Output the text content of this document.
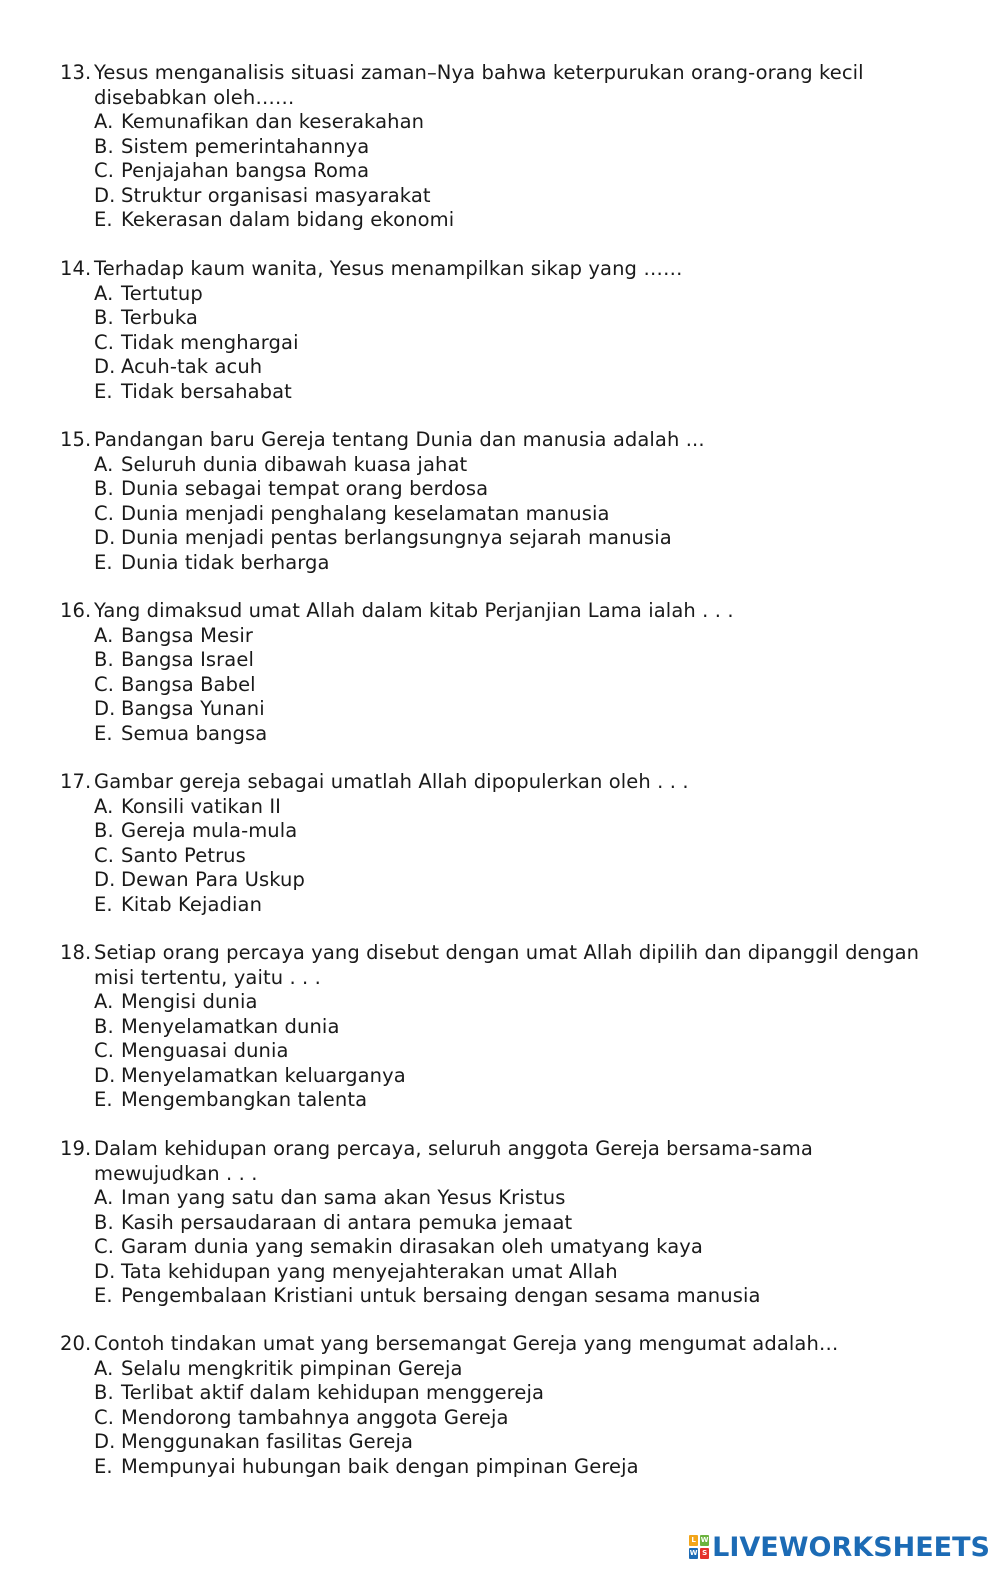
13. Yesus menganalisis situasi zaman–Nya bahwa keterpurukan orang-orang kecil disebabkan oleh……
A. Kemunafikan dan keserakahan
B. Sistem pemerintahannya
C. Penjajahan bangsa Roma
D. Struktur organisasi masyarakat
E. Kekerasan dalam bidang ekonomi
14. Terhadap kaum wanita, Yesus menampilkan sikap yang ……
A. Tertutup
B. Terbuka
C. Tidak menghargai
D. Acuh-tak acuh
E. Tidak bersahabat
15. Pandangan baru Gereja tentang Dunia dan manusia adalah ...
A. Seluruh dunia dibawah kuasa jahat
B. Dunia sebagai tempat orang berdosa
C. Dunia menjadi penghalang keselamatan manusia
D. Dunia menjadi pentas berlangsungnya sejarah manusia
E. Dunia tidak berharga
16. Yang dimaksud umat Allah dalam kitab Perjanjian Lama ialah . . .
A. Bangsa Mesir
B. Bangsa Israel
C. Bangsa Babel
D. Bangsa Yunani
E. Semua bangsa
17. Gambar gereja sebagai umatlah Allah dipopulerkan oleh . . .
A. Konsili vatikan II
B. Gereja mula-mula
C. Santo Petrus
D. Dewan Para Uskup
E. Kitab Kejadian
18. Setiap orang percaya yang disebut dengan umat Allah dipilih dan dipanggil dengan misi tertentu, yaitu . . .
A. Mengisi dunia
B. Menyelamatkan dunia
C. Menguasai dunia
D. Menyelamatkan keluarganya
E. Mengembangkan talenta
19. Dalam kehidupan orang percaya, seluruh anggota Gereja bersama-sama mewujudkan . . .
A. Iman yang satu dan sama akan Yesus Kristus
B. Kasih persaudaraan di antara pemuka jemaat
C. Garam dunia yang semakin dirasakan oleh umatyang kaya
D. Tata kehidupan yang menyejahterakan umat Allah
E. Pengembalaan Kristiani untuk bersaing dengan sesama manusia
20. Contoh tindakan umat yang bersemangat Gereja yang mengumat adalah…
A. Selalu mengkritik pimpinan Gereja
B. Terlibat aktif dalam kehidupan menggereja
C. Mendorong tambahnya anggota Gereja
D. Menggunakan fasilitas Gereja
E. Mempunyai hubungan baik dengan pimpinan Gereja
L W
W S LIVEWORKSHEETS
